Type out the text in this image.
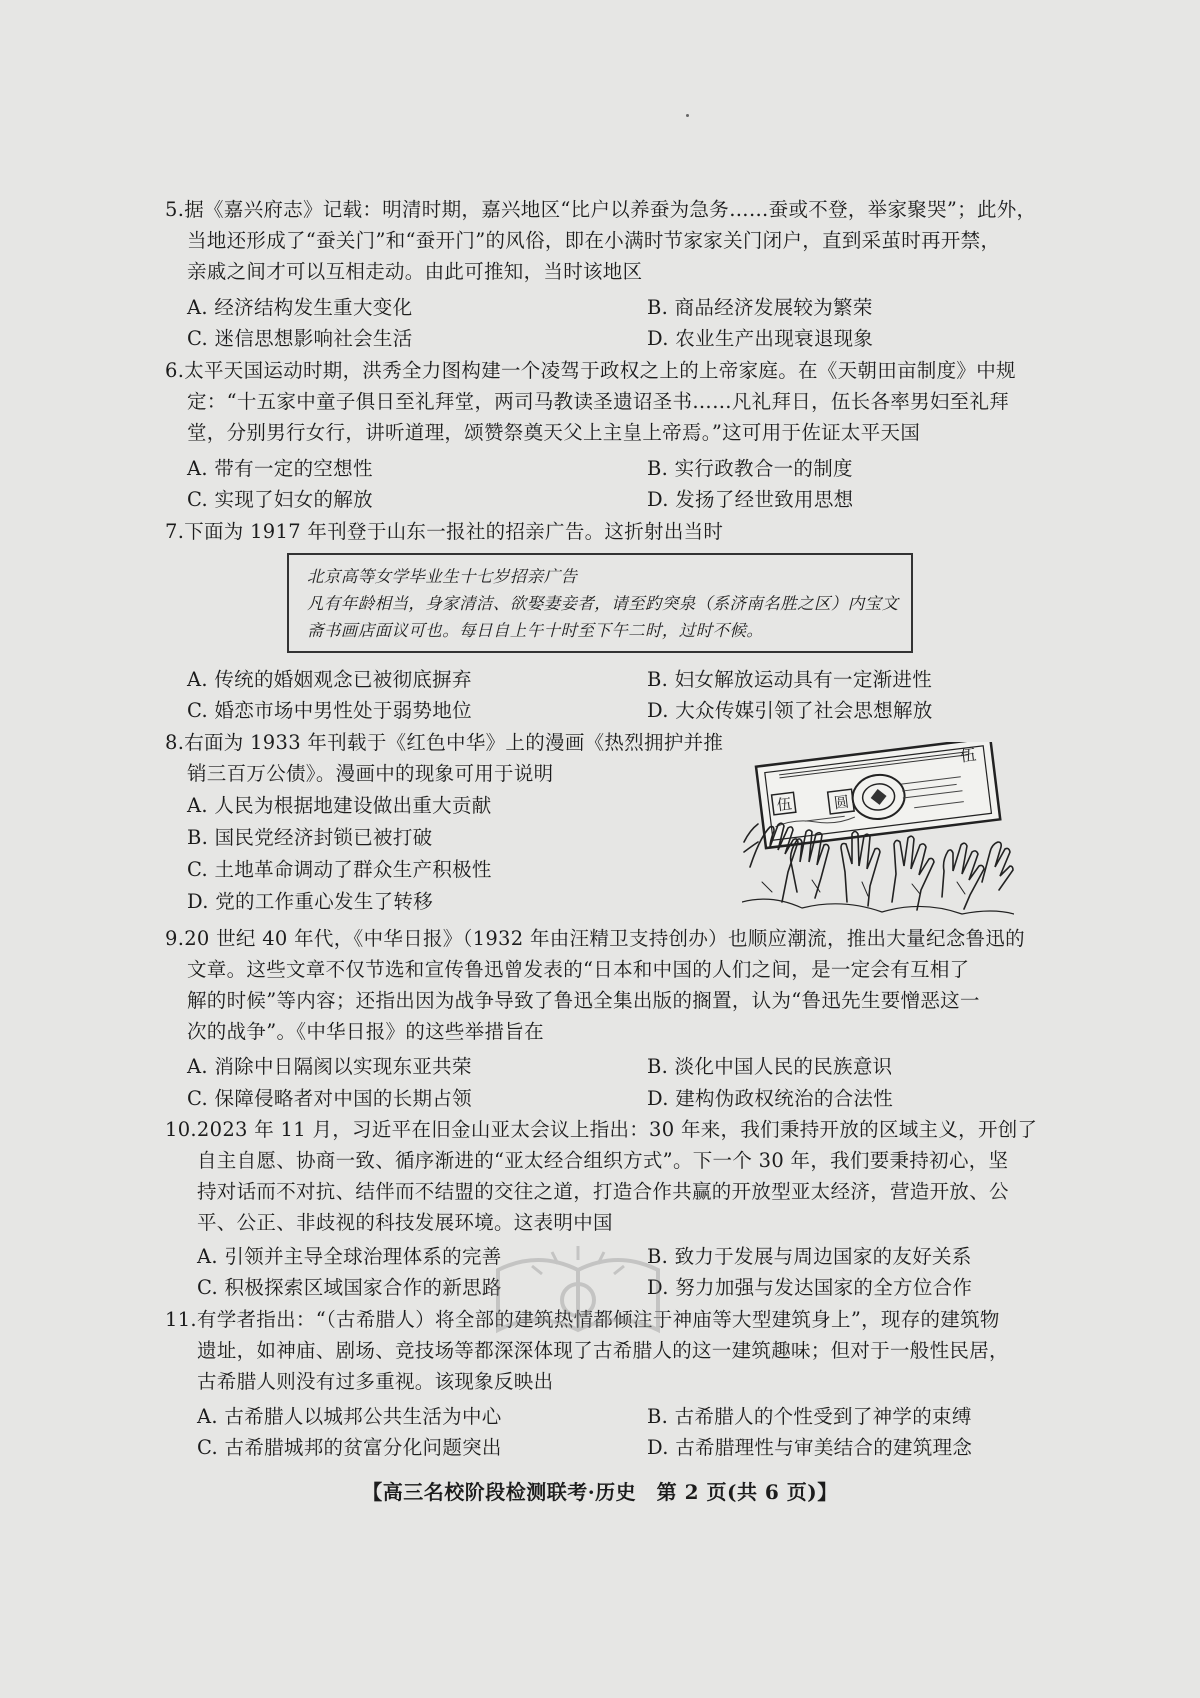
5.据《嘉兴府志》记载：明清时期，嘉兴地区“比户以养蚕为急务……蚕或不登，举家聚哭”；此外，
当地还形成了“蚕关门”和“蚕开门”的风俗，即在小满时节家家关门闭户，直到采茧时再开禁，
亲戚之间才可以互相走动。由此可推知，当时该地区
A. 经济结构发生重大变化	B. 商品经济发展较为繁荣
C. 迷信思想影响社会生活	D. 农业生产出现衰退现象
6.太平天国运动时期，洪秀全力图构建一个凌驾于政权之上的上帝家庭。在《天朝田亩制度》中规
定：“十五家中童子俱日至礼拜堂，两司马教读圣遗诏圣书……凡礼拜日，伍长各率男妇至礼拜
堂，分别男行女行，讲听道理，颂赞祭奠天父上主皇上帝焉。”这可用于佐证太平天国
A. 带有一定的空想性	B. 实行政教合一的制度
C. 实现了妇女的解放	D. 发扬了经世致用思想
7.下面为 1917 年刊登于山东一报社的招亲广告。这折射出当时
北京高等女学毕业生十七岁招亲广告
凡有年龄相当，身家清洁、欲娶妻妾者，请至趵突泉（系济南名胜之区）内宝文
斋书画店面议可也。每日自上午十时至下午二时，过时不候。
A. 传统的婚姻观念已被彻底摒弃	B. 妇女解放运动具有一定渐进性
C. 婚恋市场中男性处于弱势地位	D. 大众传媒引领了社会思想解放
8.右面为 1933 年刊载于《红色中华》上的漫画《热烈拥护并推
销三百万公债》。漫画中的现象可用于说明
A. 人民为根据地建设做出重大贡献
B. 国民党经济封锁已被打破
C. 土地革命调动了群众生产积极性
D. 党的工作重心发生了转移
伍	圆
伍
9.20 世纪 40 年代，《中华日报》（1932 年由汪精卫支持创办）也顺应潮流，推出大量纪念鲁迅的
文章。这些文章不仅节选和宣传鲁迅曾发表的“日本和中国的人们之间，是一定会有互相了
解的时候”等内容；还指出因为战争导致了鲁迅全集出版的搁置，认为“鲁迅先生要憎恶这一
次的战争”。《中华日报》的这些举措旨在
A. 消除中日隔阂以实现东亚共荣	B. 淡化中国人民的民族意识
C. 保障侵略者对中国的长期占领	D. 建构伪政权统治的合法性
10.2023 年 11 月，习近平在旧金山亚太会议上指出：30 年来，我们秉持开放的区域主义，开创了
自主自愿、协商一致、循序渐进的“亚太经合组织方式”。下一个 30 年，我们要秉持初心，坚
持对话而不对抗、结伴而不结盟的交往之道，打造合作共赢的开放型亚太经济，营造开放、公
平、公正、非歧视的科技发展环境。这表明中国
A. 引领并主导全球治理体系的完善	B. 致力于发展与周边国家的友好关系
C. 积极探索区域国家合作的新思路	D. 努力加强与发达国家的全方位合作
11.有学者指出：“（古希腊人）将全部的建筑热情都倾注于神庙等大型建筑身上”，现存的建筑物
遗址，如神庙、剧场、竞技场等都深深体现了古希腊人的这一建筑趣味；但对于一般性民居，
古希腊人则没有过多重视。该现象反映出
A. 古希腊人以城邦公共生活为中心	B. 古希腊人的个性受到了神学的束缚
C. 古希腊城邦的贫富分化问题突出	D. 古希腊理性与审美结合的建筑理念
【高三名校阶段检测联考·历史　第 2 页(共 6 页)】
